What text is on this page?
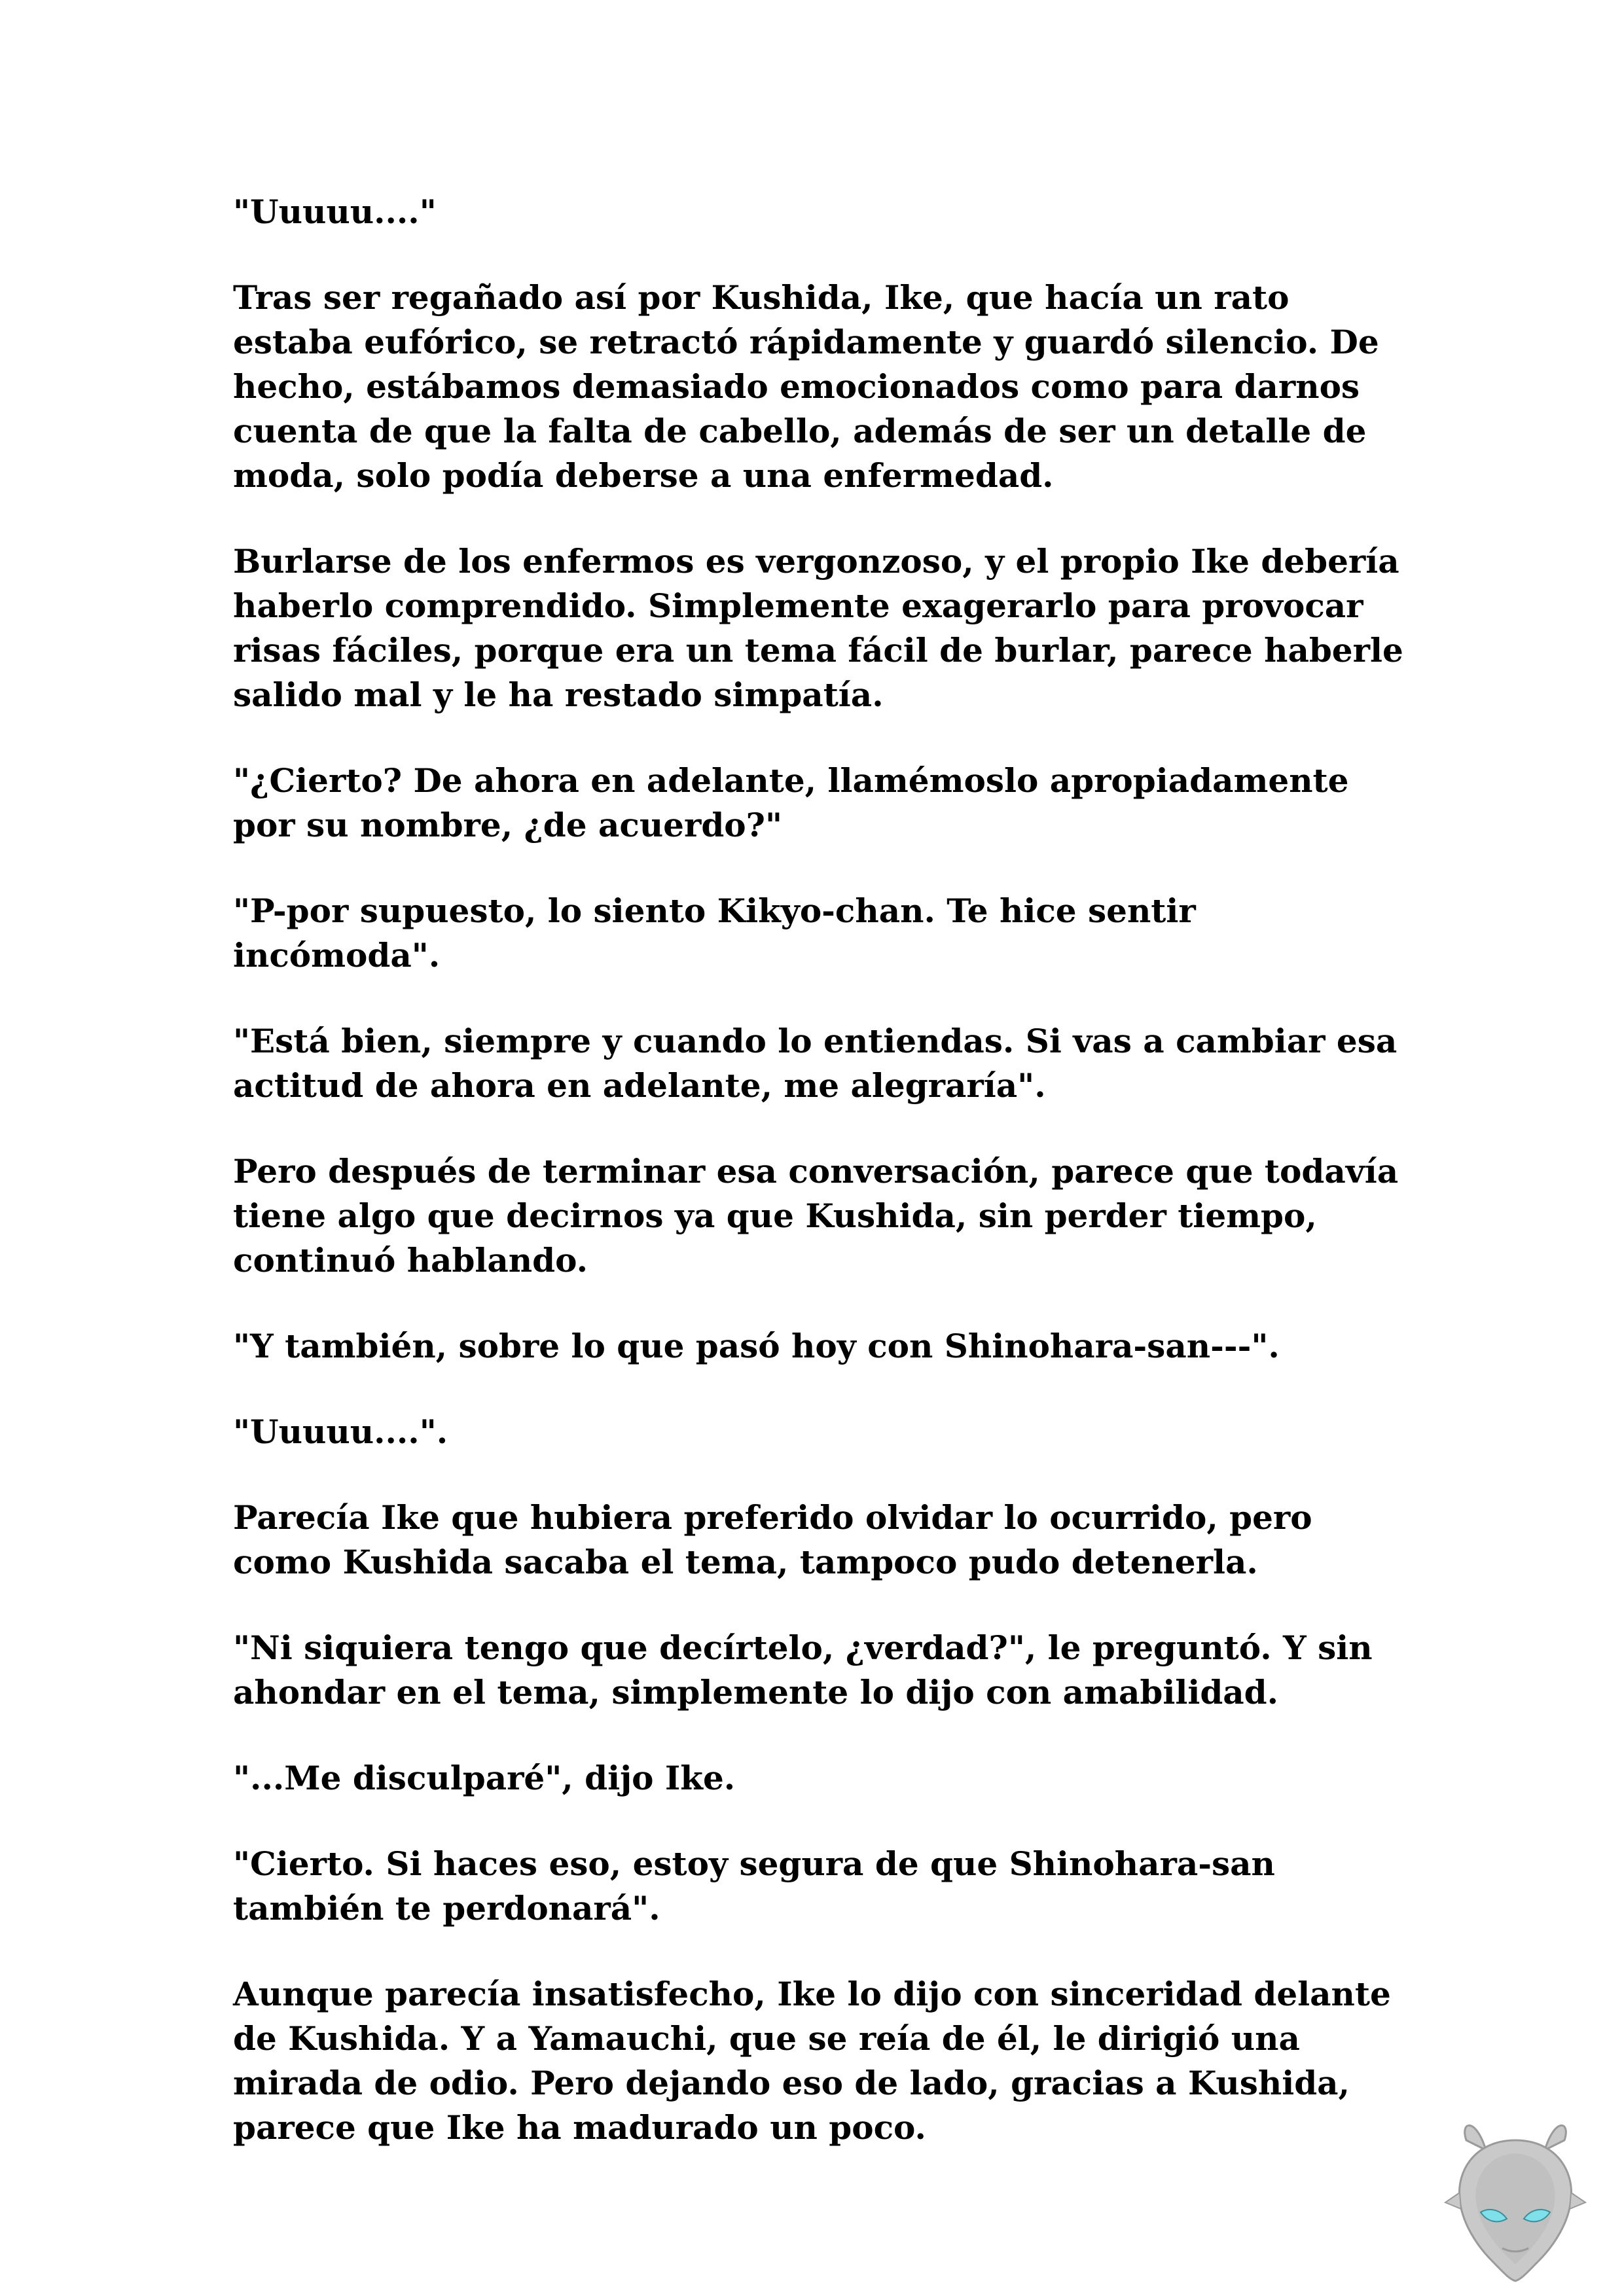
"Uuuuu...."

Tras ser regañado así por Kushida, Ike, que hacía un rato estaba eufórico, se retractó rápidamente y guardó silencio. De hecho, estábamos demasiado emocionados como para darnos cuenta de que la falta de cabello, además de ser un detalle de moda, solo podía deberse a una enfermedad.

Burlarse de los enfermos es vergonzoso, y el propio Ike debería haberlo comprendido. Simplemente exagerarlo para provocar risas fáciles, porque era un tema fácil de burlar, parece haberle salido mal y le ha restado simpatía.

"¿Cierto? De ahora en adelante, llamémoslo apropiadamente por su nombre, ¿de acuerdo?"

"P-por supuesto, lo siento Kikyo-chan. Te hice sentir incómoda".

"Está bien, siempre y cuando lo entiendas. Si vas a cambiar esa actitud de ahora en adelante, me alegraría".

Pero después de terminar esa conversación, parece que todavía tiene algo que decirnos ya que Kushida, sin perder tiempo, continuó hablando.

"Y también, sobre lo que pasó hoy con Shinohara-san---".

"Uuuuu....".

Parecía Ike que hubiera preferido olvidar lo ocurrido, pero como Kushida sacaba el tema, tampoco pudo detenerla.

"Ni siquiera tengo que decírtelo, ¿verdad?", le preguntó. Y sin ahondar en el tema, simplemente lo dijo con amabilidad.

"...Me disculparé", dijo Ike.

"Cierto. Si haces eso, estoy segura de que Shinohara-san también te perdonará".

Aunque parecía insatisfecho, Ike lo dijo con sinceridad delante de Kushida. Y a Yamauchi, que se reía de él, le dirigió una mirada de odio. Pero dejando eso de lado, gracias a Kushida, parece que Ike ha madurado un poco.
